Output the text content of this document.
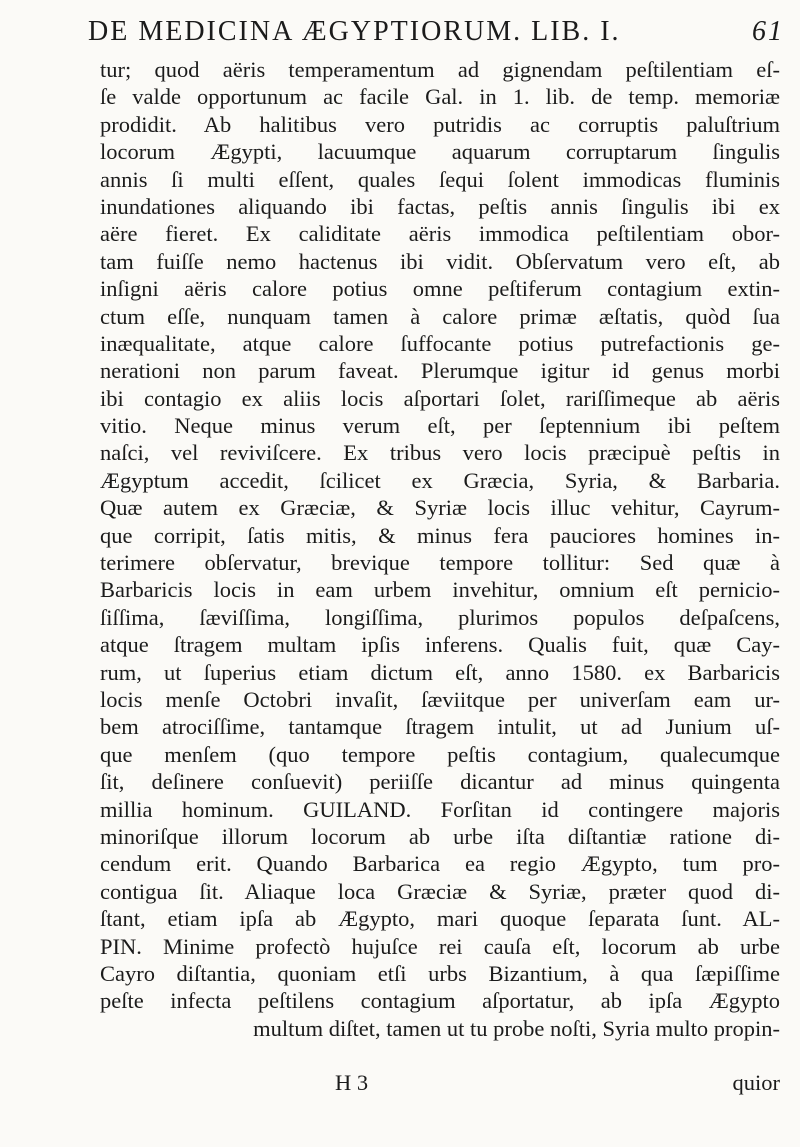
DE MEDICINA ÆGYPTIORUM. LIB. I.	61
tur; quod aëris temperamentum ad gignendam peſtilentiam eſ-
ſe valde opportunum ac facile Gal. in 1. lib. de temp. memoriæ
prodidit. Ab halitibus vero putridis ac corruptis paluſtrium
locorum Ægypti, lacuumque aquarum corruptarum ſingulis
annis ſi multi eſſent, quales ſequi ſolent immodicas fluminis
inundationes aliquando ibi factas, peſtis annis ſingulis ibi ex
aëre fieret. Ex caliditate aëris immodica peſtilentiam obor-
tam fuiſſe nemo hactenus ibi vidit. Obſervatum vero eſt, ab
inſigni aëris calore potius omne peſtiferum contagium extin-
ctum eſſe, nunquam tamen à calore primæ æſtatis, quòd ſua
inæqualitate, atque calore ſuffocante potius putrefactionis ge-
nerationi non parum faveat. Plerumque igitur id genus morbi
ibi contagio ex aliis locis aſportari ſolet, rariſſimeque ab aëris
vitio. Neque minus verum eſt, per ſeptennium ibi peſtem
naſci, vel reviviſcere. Ex tribus vero locis præcipuè peſtis in
Ægyptum accedit, ſcilicet ex Græcia, Syria, & Barbaria.
Quæ autem ex Græciæ, & Syriæ locis illuc vehitur, Cayrum-
que corripit, ſatis mitis, & minus fera pauciores homines in-
terimere obſervatur, brevique tempore tollitur: Sed quæ à
Barbaricis locis in eam urbem invehitur, omnium eſt pernicio-
ſiſſima, ſæviſſima, longiſſima, plurimos populos deſpaſcens,
atque ſtragem multam ipſis inferens. Qualis fuit, quæ Cay-
rum, ut ſuperius etiam dictum eſt, anno 1580. ex Barbaricis
locis menſe Octobri invaſit, ſæviitque per univerſam eam ur-
bem atrociſſime, tantamque ſtragem intulit, ut ad Junium uſ-
que menſem (quo tempore peſtis contagium, qualecumque
ſit, deſinere conſuevit) periiſſe dicantur ad minus quingenta
millia hominum. GUILAND. Forſitan id contingere majoris
minoriſque illorum locorum ab urbe iſta diſtantiæ ratione di-
cendum erit. Quando Barbarica ea regio Ægypto, tum pro-
contigua ſit. Aliaque loca Græciæ & Syriæ, præter quod di-
ſtant, etiam ipſa ab Ægypto, mari quoque ſeparata ſunt. AL-
PIN. Minime profectò hujuſce rei cauſa eſt, locorum ab urbe
Cayro diſtantia, quoniam etſi urbs Bizantium, à qua ſæpiſſime
peſte infecta peſtilens contagium aſportatur, ab ipſa Ægypto
multum diſtet, tamen ut tu probe noſti, Syria multo propin-
H 3	quior
